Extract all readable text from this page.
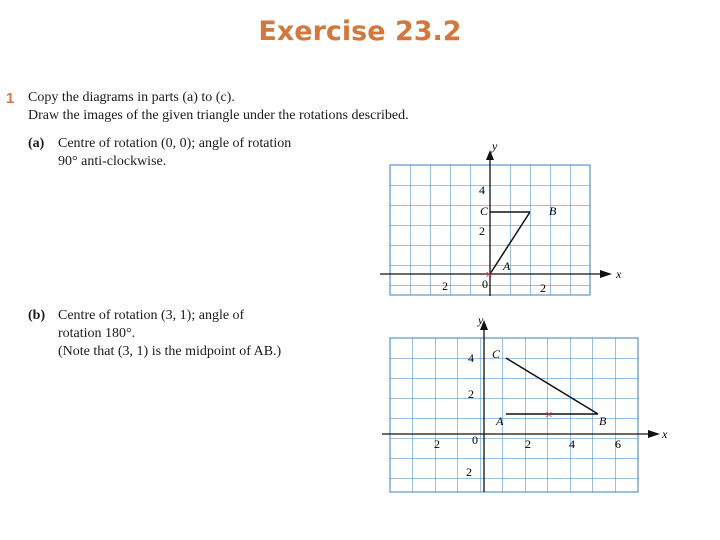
Exercise 23.2
1 Copy the diagrams in parts (a) to (c).
Draw the images of the given triangle under the rotations described.
(a) Centre of rotation (0, 0); angle of rotation
90° anti-clockwise.
(b) Centre of rotation (3, 1); angle of
rotation 180°.
(Note that (3, 1) is the midpoint of AB.)
x
y
2	0	2
4
2
C	B
A
×
x
y
2	0	2	4	6
4
2
2
C
A	B
×
